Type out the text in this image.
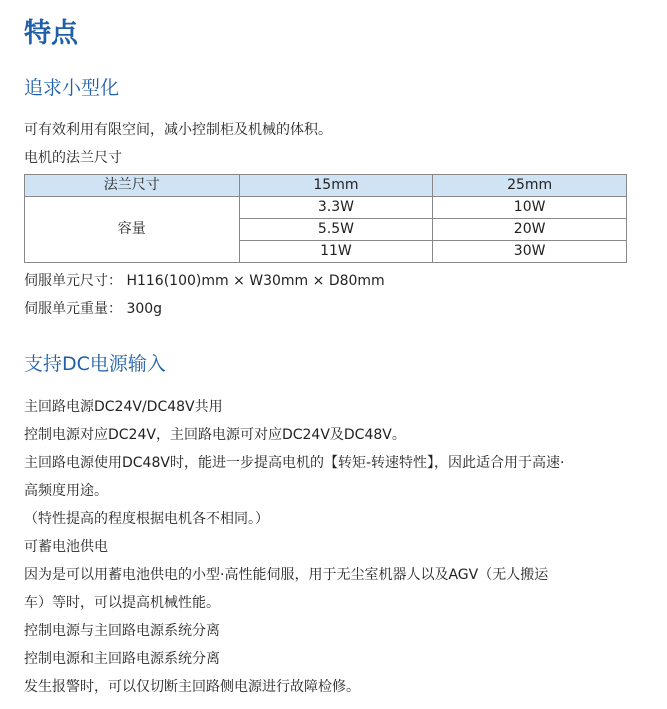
特点
追求小型化
可有效利用有限空间，减小控制柜及机械的体积。
电机的法兰尺寸
法兰尺寸	15mm	25mm
容量	3.3W	10W
	5.5W	20W
	11W	30W
伺服单元尺寸： H116(100)mm × W30mm × D80mm
伺服单元重量： 300g
支持DC电源输入
主回路电源DC24V/DC48V共用
控制电源对应DC24V，主回路电源可对应DC24V及DC48V。
主回路电源使用DC48V时，能进一步提高电机的【转矩-转速特性】，因此适合用于高速·
高频度用途。
（特性提高的程度根据电机各不相同。）
可蓄电池供电
因为是可以用蓄电池供电的小型·高性能伺服，用于无尘室机器人以及AGV（无人搬运
车）等时，可以提高机械性能。
控制电源与主回路电源系统分离
控制电源和主回路电源系统分离
发生报警时，可以仅切断主回路侧电源进行故障检修。
